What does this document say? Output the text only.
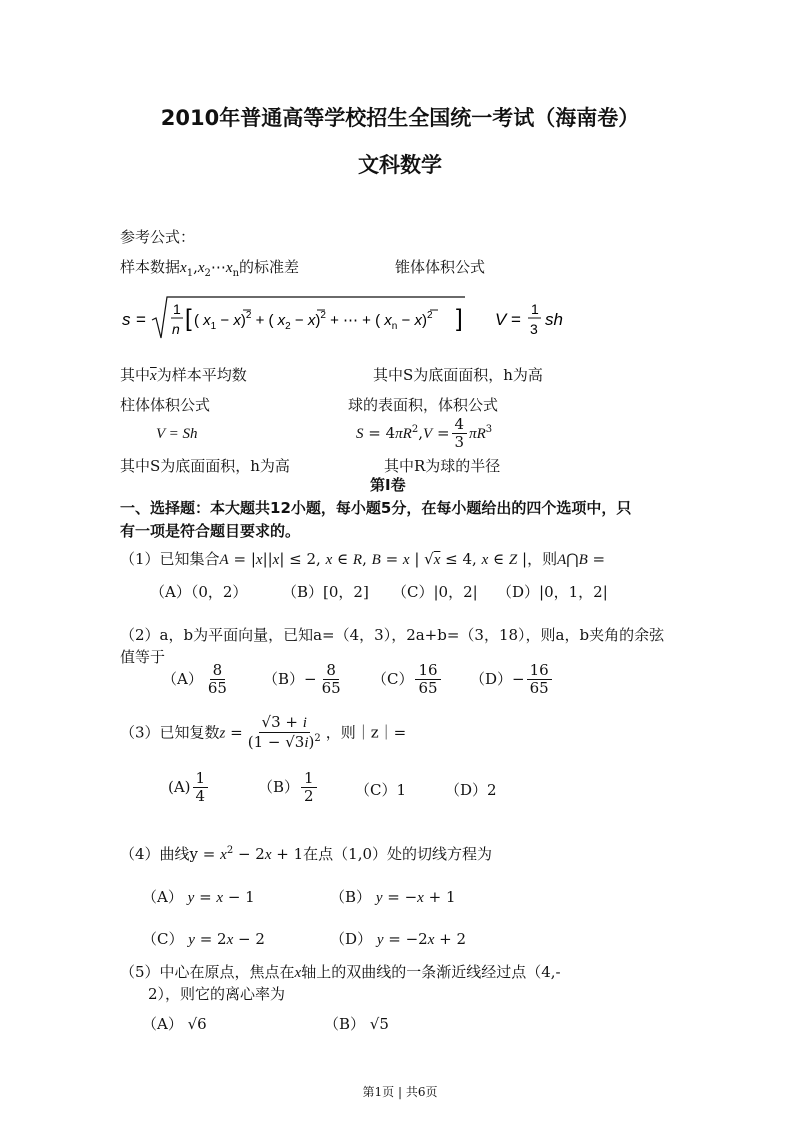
2010年普通高等学校招生全国统一考试（海南卷）
文科数学
参考公式：
样本数据$x_1,x_2\cdots x_n$的标准差	锥体体积公式
s =
1
n [ ( $x_1 - x)^2$ + ( $x_2 - x)^2$ + ⋯ + ( $x_n - x)^2$ ] V =
1
3 sh
其中$\overline{x}$为样本平均数	其中S为底面面积，h为高
柱体体积公式	球的表面积，体积公式
V = Sh	$S = 4\pi R^2,V = \frac{4}{3} \pi R^3$
其中S为底面面积，h为高	其中R为球的半径
第Ⅰ卷
一、选择题：本大题共12小题，每小题5分，在每小题给出的四个选项中，只
有一项是符合题目要求的。
（1）已知集合A = |x||x| ≤ 2, x ∈ R, B = x | √x ≤ 4, x ∈ Z |，则A⋂B =
（A）（0，2） （B）[0，2] （C）|0，2| （D）|0，1，2|
（2）a，b为平面向量，已知a=（4，3），2a+b=（3，18），则a，b夹角的余弦
值等于
$(A) \frac{8}{65} (B)- \frac{8}{65} (C) \frac{16}{65} (D)- \frac{16}{65}$
（3）已知复数$z = \frac{√3 + i}{(1 - √3i)^2}$ ，则｜z｜=
$(A) \frac{1}{4}$	$(B) \frac{1}{2}$	（C）1	（D）2
（4）曲线$y = x^2 - 2x + 1$在点（1,0）处的切线方程为
（A） y = x − 1	（B） y = −x + 1
（C） y = 2x − 2	（D） y = −2x + 2
（5）中心在原点，焦点在x轴上的双曲线的一条渐近线经过点（4,-
2），则它的离心率为
（A） √6	（B） √5
第1页 | 共6页
